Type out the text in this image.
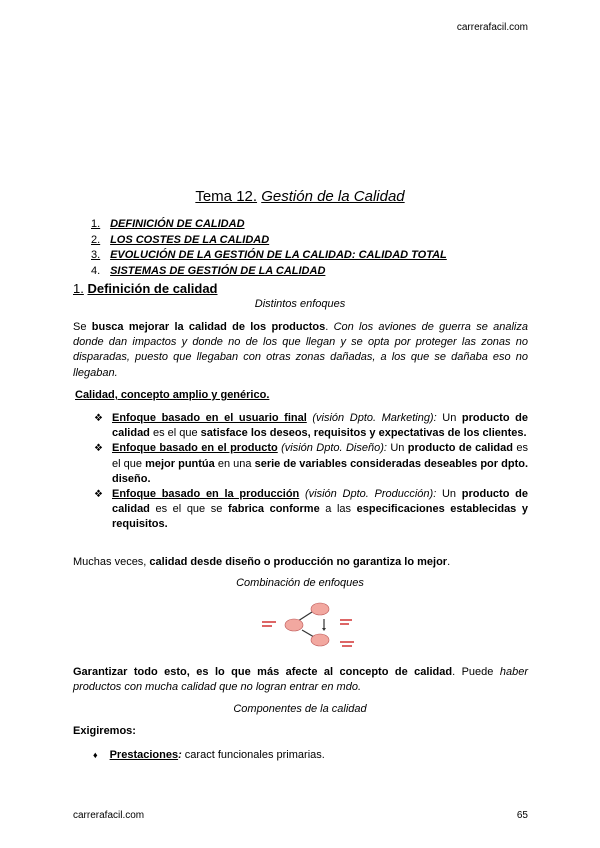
carrerafacil.com
Tema 12. Gestión de la Calidad
1. DEFINICIÓN DE CALIDAD
2. LOS COSTES DE LA CALIDAD
3. EVOLUCIÓN DE LA GESTIÓN DE LA CALIDAD: CALIDAD TOTAL
4. SISTEMAS DE GESTIÓN DE LA CALIDAD
1. Definición de calidad
Distintos enfoques
Se busca mejorar la calidad de los productos. Con los aviones de guerra se analiza donde dan impactos y donde no de los que llegan y se opta por proteger las zonas no disparadas, puesto que llegaban con otras zonas dañadas, a los que se dañaba eso no llegaban.
Calidad, concepto amplio y genérico.
❖ Enfoque basado en el usuario final (visión Dpto. Marketing): Un producto de calidad es el que satisface los deseos, requisitos y expectativas de los clientes.
❖ Enfoque basado en el producto (visión Dpto. Diseño): Un producto de calidad es el que mejor puntúa en una serie de variables consideradas deseables por dpto. diseño.
❖ Enfoque basado en la producción (visión Dpto. Producción): Un producto de calidad es el que se fabrica conforme a las especificaciones establecidas y requisitos.
Muchas veces, calidad desde diseño o producción no garantiza lo mejor.
Combinación de enfoques
Garantizar todo esto, es lo que más afecte al concepto de calidad. Puede haber productos con mucha calidad que no logran entrar en mdo.
Componentes de la calidad
Exigiremos:
♦ Prestaciones: caract funcionales primarias.
carrerafacil.com	65
